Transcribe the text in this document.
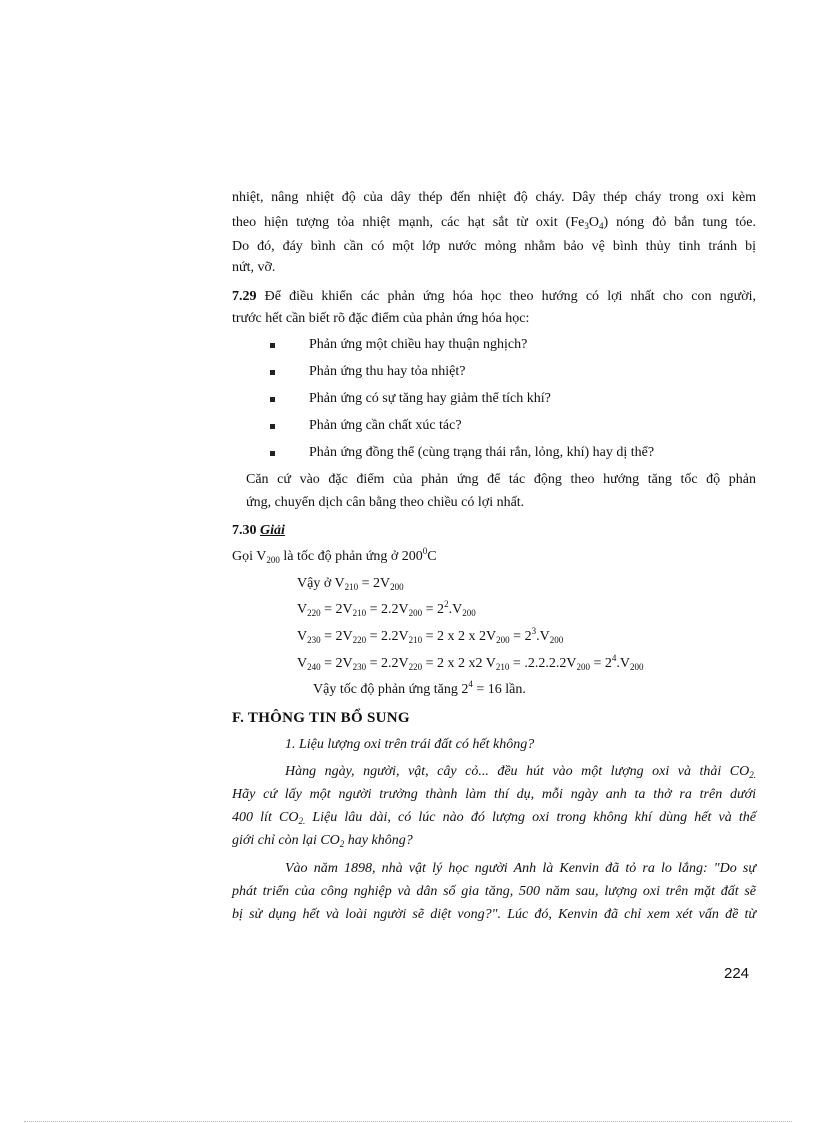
nhiệt, nâng nhiệt độ của dây thép đến nhiệt độ cháy. Dây thép cháy trong oxi kèm
theo hiện tượng tỏa nhiệt mạnh, các hạt sắt từ oxit $(Fe_3O_4)$ nóng đỏ bắn tung tóe.
Do đó, đáy bình cần có một lớp nước mỏng nhằm bảo vệ bình thủy tinh tránh bị
nứt, vỡ.
7.29 Để điều khiển các phản ứng hóa học theo hướng có lợi nhất cho con người,
trước hết cần biết rõ đặc điểm của phản ứng hóa học:
Phản ứng một chiều hay thuận nghịch?
Phản ứng thu hay tỏa nhiệt?
Phản ứng có sự tăng hay giảm thể tích khí?
Phản ứng cần chất xúc tác?
Phản ứng đồng thể (cùng trạng thái rắn, lỏng, khí) hay dị thể?
Căn cứ vào đặc điểm của phản ứng để tác động theo hướng tăng tốc độ phản
ứng, chuyển dịch cân bằng theo chiều có lợi nhất.
7.30 Giải
Gọi $V_{200}$ là tốc độ phản ứng ở $200^0C$
Vậy ở $V_{210} = 2V_{200}$
$V_{220} = 2V_{210} = 2.2V_{200} = 2^2.V_{200}$
$V_{230} = 2V_{220} = 2.2V_{210} = 2$ x 2 x $2V_{200} = 2^3.V_{200}$
$V_{240} = 2V_{230} = 2.2V_{220} = 2$ x 2 x2 $V_{210} = .2.2.2.2V_{200} = 2^4.V_{200}$
Vậy tốc độ phản ứng tăng $2^4 = 16$ lần.
F. THÔNG TIN BỔ SUNG
1. Liệu lượng oxi trên trái đất có hết không?
Hàng ngày, người, vật, cây cỏ... đều hút vào một lượng oxi và thải $CO_{2.}$
Hãy cứ lấy một người trưởng thành làm thí dụ, mỗi ngày anh ta thở ra trên dưới
400 lít $CO_{2.}$ Liệu lâu dài, có lúc nào đó lượng oxi trong không khí dùng hết và thế
giới chỉ còn lại $CO_2$ hay không?
Vào năm 1898, nhà vật lý học người Anh là Kenvin đã tỏ ra lo lắng: "Do sự
phát triển của công nghiệp và dân số gia tăng, 500 năm sau, lượng oxi trên mặt đất sẽ
bị sử dụng hết và loài người sẽ diệt vong?". Lúc đó, Kenvin đã chỉ xem xét vấn đề từ
224
